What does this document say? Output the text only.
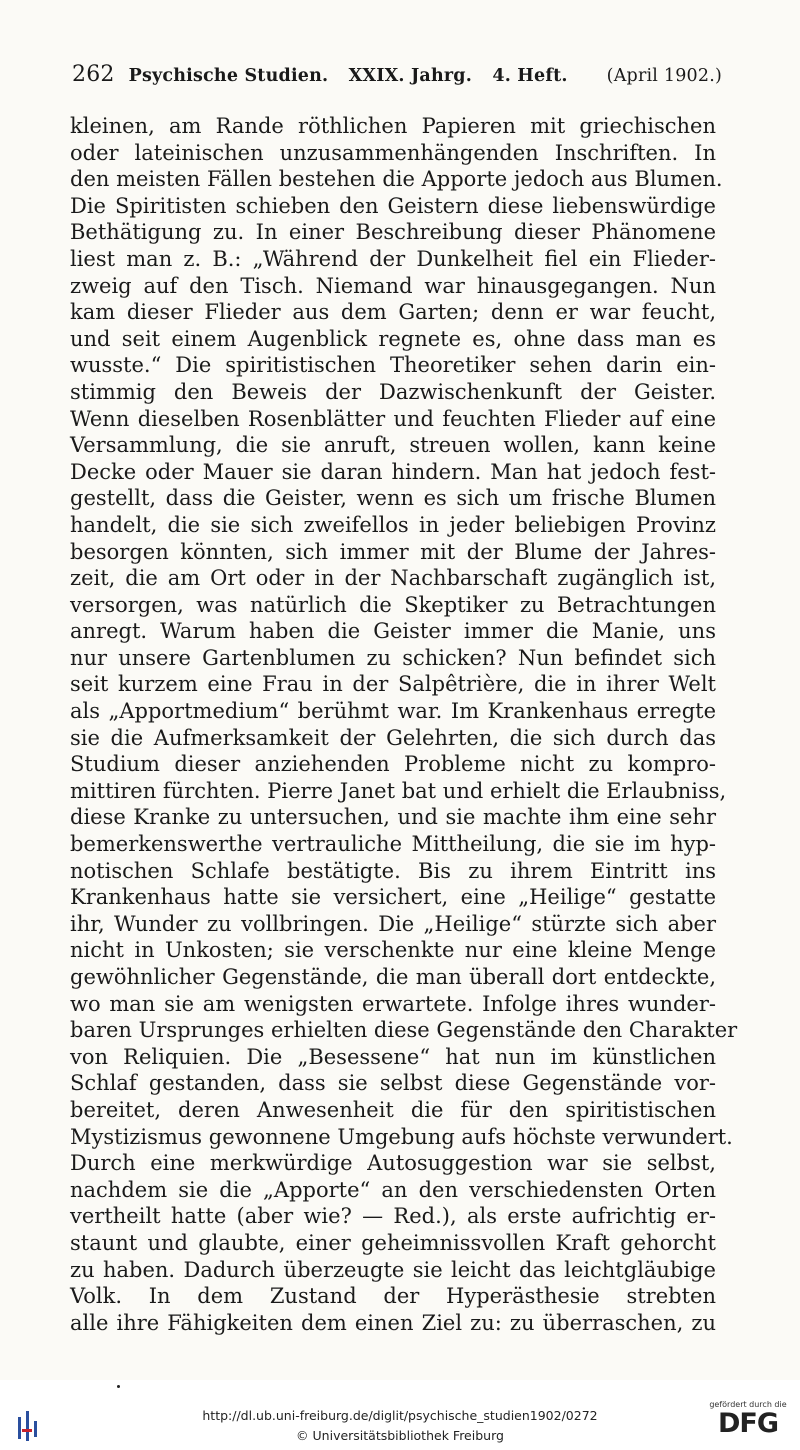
262 Psychische Studien. XXIX. Jahrg. 4. Heft.	(April 1902.)
kleinen, am Rande röthlichen Papieren mit griechischen
oder lateinischen unzusammenhängenden Inschriften. In
den meisten Fällen bestehen die Apporte jedoch aus Blumen.
Die Spiritisten schieben den Geistern diese liebenswürdige
Bethätigung zu. In einer Beschreibung dieser Phänomene
liest man z. B.: „Während der Dunkelheit fiel ein Flieder-
zweig auf den Tisch. Niemand war hinausgegangen. Nun
kam dieser Flieder aus dem Garten; denn er war feucht,
und seit einem Augenblick regnete es, ohne dass man es
wusste.“ Die spiritistischen Theoretiker sehen darin ein-
stimmig den Beweis der Dazwischenkunft der Geister.
Wenn dieselben Rosenblätter und feuchten Flieder auf eine
Versammlung, die sie anruft, streuen wollen, kann keine
Decke oder Mauer sie daran hindern. Man hat jedoch fest-
gestellt, dass die Geister, wenn es sich um frische Blumen
handelt, die sie sich zweifellos in jeder beliebigen Provinz
besorgen könnten, sich immer mit der Blume der Jahres-
zeit, die am Ort oder in der Nachbarschaft zugänglich ist,
versorgen, was natürlich die Skeptiker zu Betrachtungen
anregt. Warum haben die Geister immer die Manie, uns
nur unsere Gartenblumen zu schicken? Nun befindet sich
seit kurzem eine Frau in der Salpêtrière, die in ihrer Welt
als „Apportmedium“ berühmt war. Im Krankenhaus erregte
sie die Aufmerksamkeit der Gelehrten, die sich durch das
Studium dieser anziehenden Probleme nicht zu kompro-
mittiren fürchten. Pierre Janet bat und erhielt die Erlaubniss,
diese Kranke zu untersuchen, und sie machte ihm eine sehr
bemerkenswerthe vertrauliche Mittheilung, die sie im hyp-
notischen Schlafe bestätigte. Bis zu ihrem Eintritt ins
Krankenhaus hatte sie versichert, eine „Heilige“ gestatte
ihr, Wunder zu vollbringen. Die „Heilige“ stürzte sich aber
nicht in Unkosten; sie verschenkte nur eine kleine Menge
gewöhnlicher Gegenstände, die man überall dort entdeckte,
wo man sie am wenigsten erwartete. Infolge ihres wunder-
baren Ursprunges erhielten diese Gegenstände den Charakter
von Reliquien. Die „Besessene“ hat nun im künstlichen
Schlaf gestanden, dass sie selbst diese Gegenstände vor-
bereitet, deren Anwesenheit die für den spiritistischen
Mystizismus gewonnene Umgebung aufs höchste verwundert.
Durch eine merkwürdige Autosuggestion war sie selbst,
nachdem sie die „Apporte“ an den verschiedensten Orten
vertheilt hatte (aber wie? — Red.), als erste aufrichtig er-
staunt und glaubte, einer geheimnissvollen Kraft gehorcht
zu haben. Dadurch überzeugte sie leicht das leichtgläubige
Volk. In dem Zustand der Hyperästhesie strebten
alle ihre Fähigkeiten dem einen Ziel zu: zu überraschen, zu
http://dl.ub.uni-freiburg.de/diglit/psychische_studien1902/0272
© Universitätsbibliothek Freiburg
gefördert durch die
DFG
